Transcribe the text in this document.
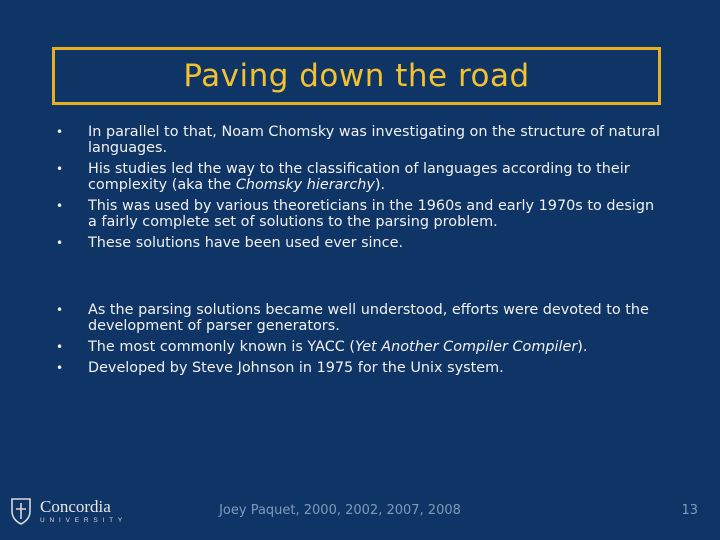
Paving down the road
• In parallel to that, Noam Chomsky was investigating on the structure of natural languages.
• His studies led the way to the classification of languages according to their complexity (aka the Chomsky hierarchy).
• This was used by various theoreticians in the 1960s and early 1970s to design a fairly complete set of solutions to the parsing problem.
• These solutions have been used ever since.
• As the parsing solutions became well understood, efforts were devoted to the development of parser generators.
• The most commonly known is YACC (Yet Another Compiler Compiler).
• Developed by Steve Johnson in 1975 for the Unix system.
Concordia
UNIVERSITY
Joey Paquet, 2000, 2002, 2007, 2008	13
